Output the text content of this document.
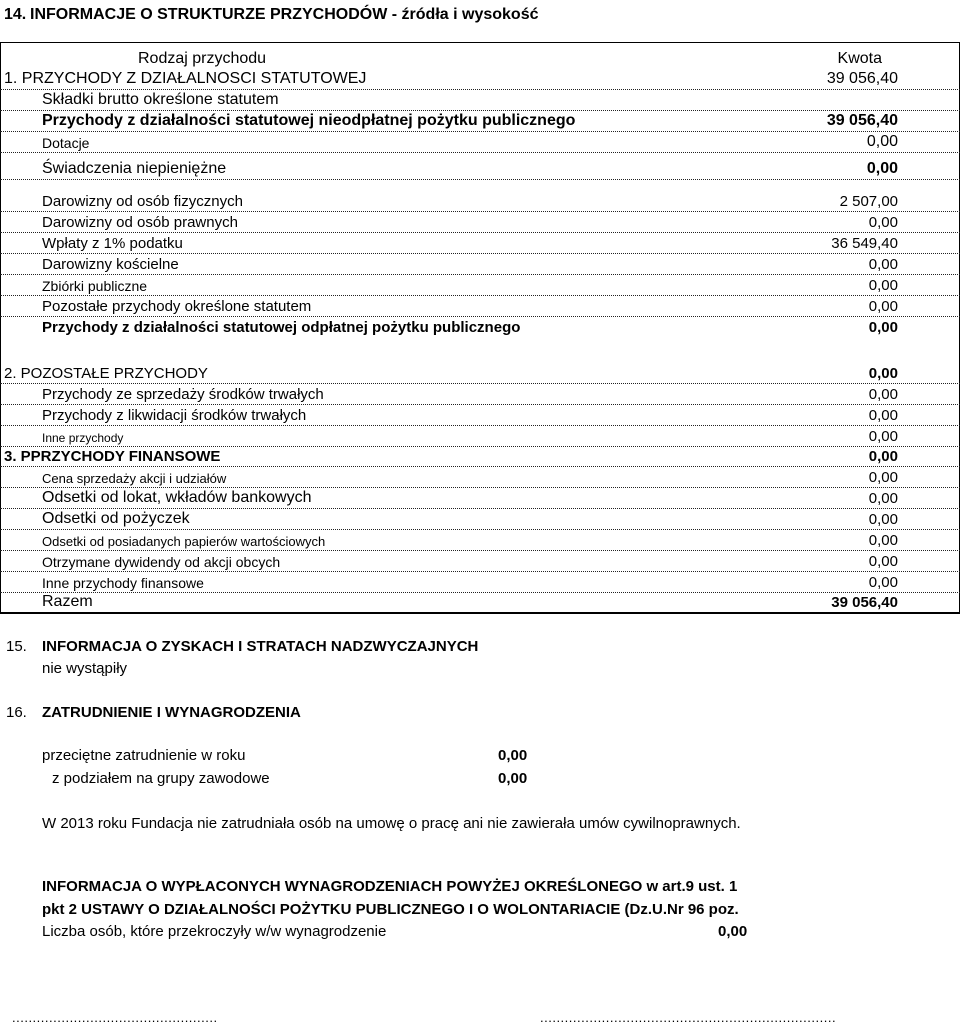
14. INFORMACJE O STRUKTURZE PRZYCHODÓW - źródła i wysokość
Rodzaj przychodu	Kwota
1. PRZYCHODY Z DZIAŁALNOSCI STATUTOWEJ	39 056,40
Składki brutto określone statutem
Przychody z działalności statutowej nieodpłatnej pożytku publicznego	39 056,40
Dotacje	0,00
Świadczenia niepieniężne	0,00
Darowizny od osób fizycznych	2 507,00
Darowizny od osób prawnych	0,00
Wpłaty z 1% podatku	36 549,40
Darowizny kościelne	0,00
Zbiórki publiczne	0,00
Pozostałe przychody określone statutem	0,00
Przychody z działalności statutowej odpłatnej pożytku publicznego	0,00
2. POZOSTAŁE PRZYCHODY	0,00
Przychody ze sprzedaży środków trwałych	0,00
Przychody z likwidacji środków trwałych	0,00
Inne przychody	0,00
3. PPRZYCHODY FINANSOWE	0,00
Cena sprzedaży akcji i udziałów	0,00
Odsetki od lokat, wkładów bankowych	0,00
Odsetki od pożyczek	0,00
Odsetki od posiadanych papierów wartościowych	0,00
Otrzymane dywidendy od akcji obcych	0,00
Inne przychody finansowe	0,00
Razem	39 056,40
15. INFORMACJA O ZYSKACH I STRATACH NADZWYCZAJNYCH
nie wystąpiły
16. ZATRUDNIENIE I WYNAGRODZENIA
przeciętne zatrudnienie w roku	0,00
z podziałem na grupy zawodowe	0,00
W 2013 roku Fundacja nie zatrudniała osób na umowę o pracę ani nie zawierała umów cywilnoprawnych.
INFORMACJA O WYPŁACONYCH WYNAGRODZENIACH POWYŻEJ OKREŚLONEGO w art.9 ust. 1
pkt 2 USTAWY O DZIAŁALNOŚCI POŻYTKU PUBLICZNEGO I O WOLONTARIACIE (Dz.U.Nr 96 poz.
Liczba osób, które przekroczyły w/w wynagrodzenie	0,00
..................................................	........................................................................
